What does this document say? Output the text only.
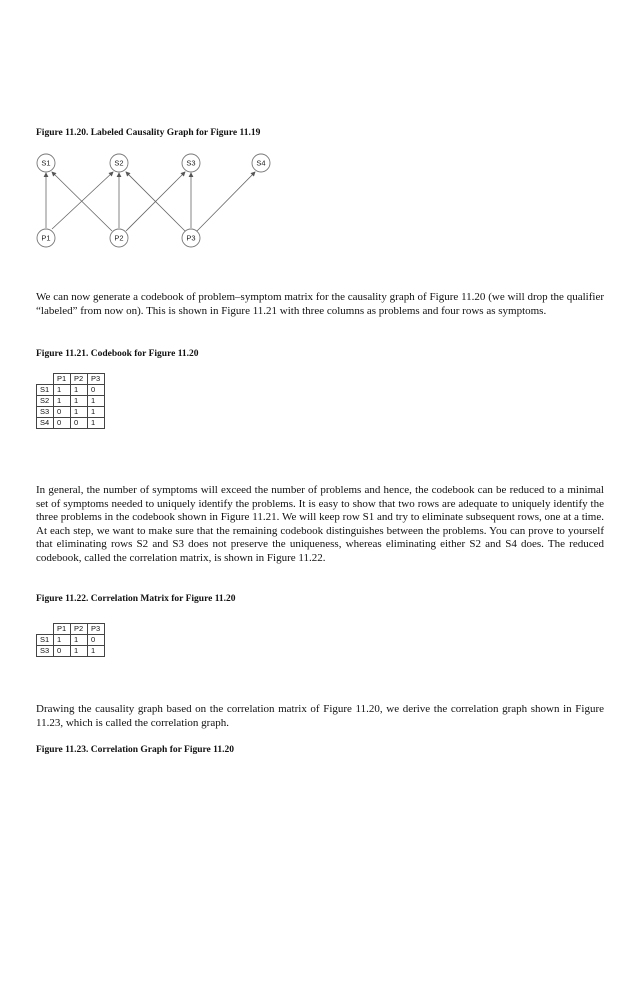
Figure 11.20. Labeled Causality Graph for Figure 11.19
S1	S2	S3	S4
P1	P2	P3
We can now generate a codebook of problem–symptom matrix for the causality graph of Figure 11.20 (we will drop the qualifier “labeled” from now on). This is shown in Figure 11.21 with three columns as problems and four rows as symptoms.
Figure 11.21. Codebook for Figure 11.20
	P1	P2	P3
S1	1	1	0
S2	1	1	1
S3	0	1	1
S4	0	0	1
In general, the number of symptoms will exceed the number of problems and hence, the codebook can be reduced to a minimal set of symptoms needed to uniquely identify the problems. It is easy to show that two rows are adequate to uniquely identify the three problems in the codebook shown in Figure 11.21. We will keep row S1 and try to eliminate subsequent rows, one at a time. At each step, we want to make sure that the remaining codebook distinguishes between the problems. You can prove to yourself that eliminating rows S2 and S3 does not preserve the uniqueness, whereas eliminating either S2 and S4 does. The reduced codebook, called the correlation matrix, is shown in Figure 11.22.
Figure 11.22. Correlation Matrix for Figure 11.20
	P1	P2	P3
S1	1	1	0
S3	0	1	1
Drawing the causality graph based on the correlation matrix of Figure 11.20, we derive the correlation graph shown in Figure 11.23, which is called the correlation graph.
Figure 11.23. Correlation Graph for Figure 11.20
